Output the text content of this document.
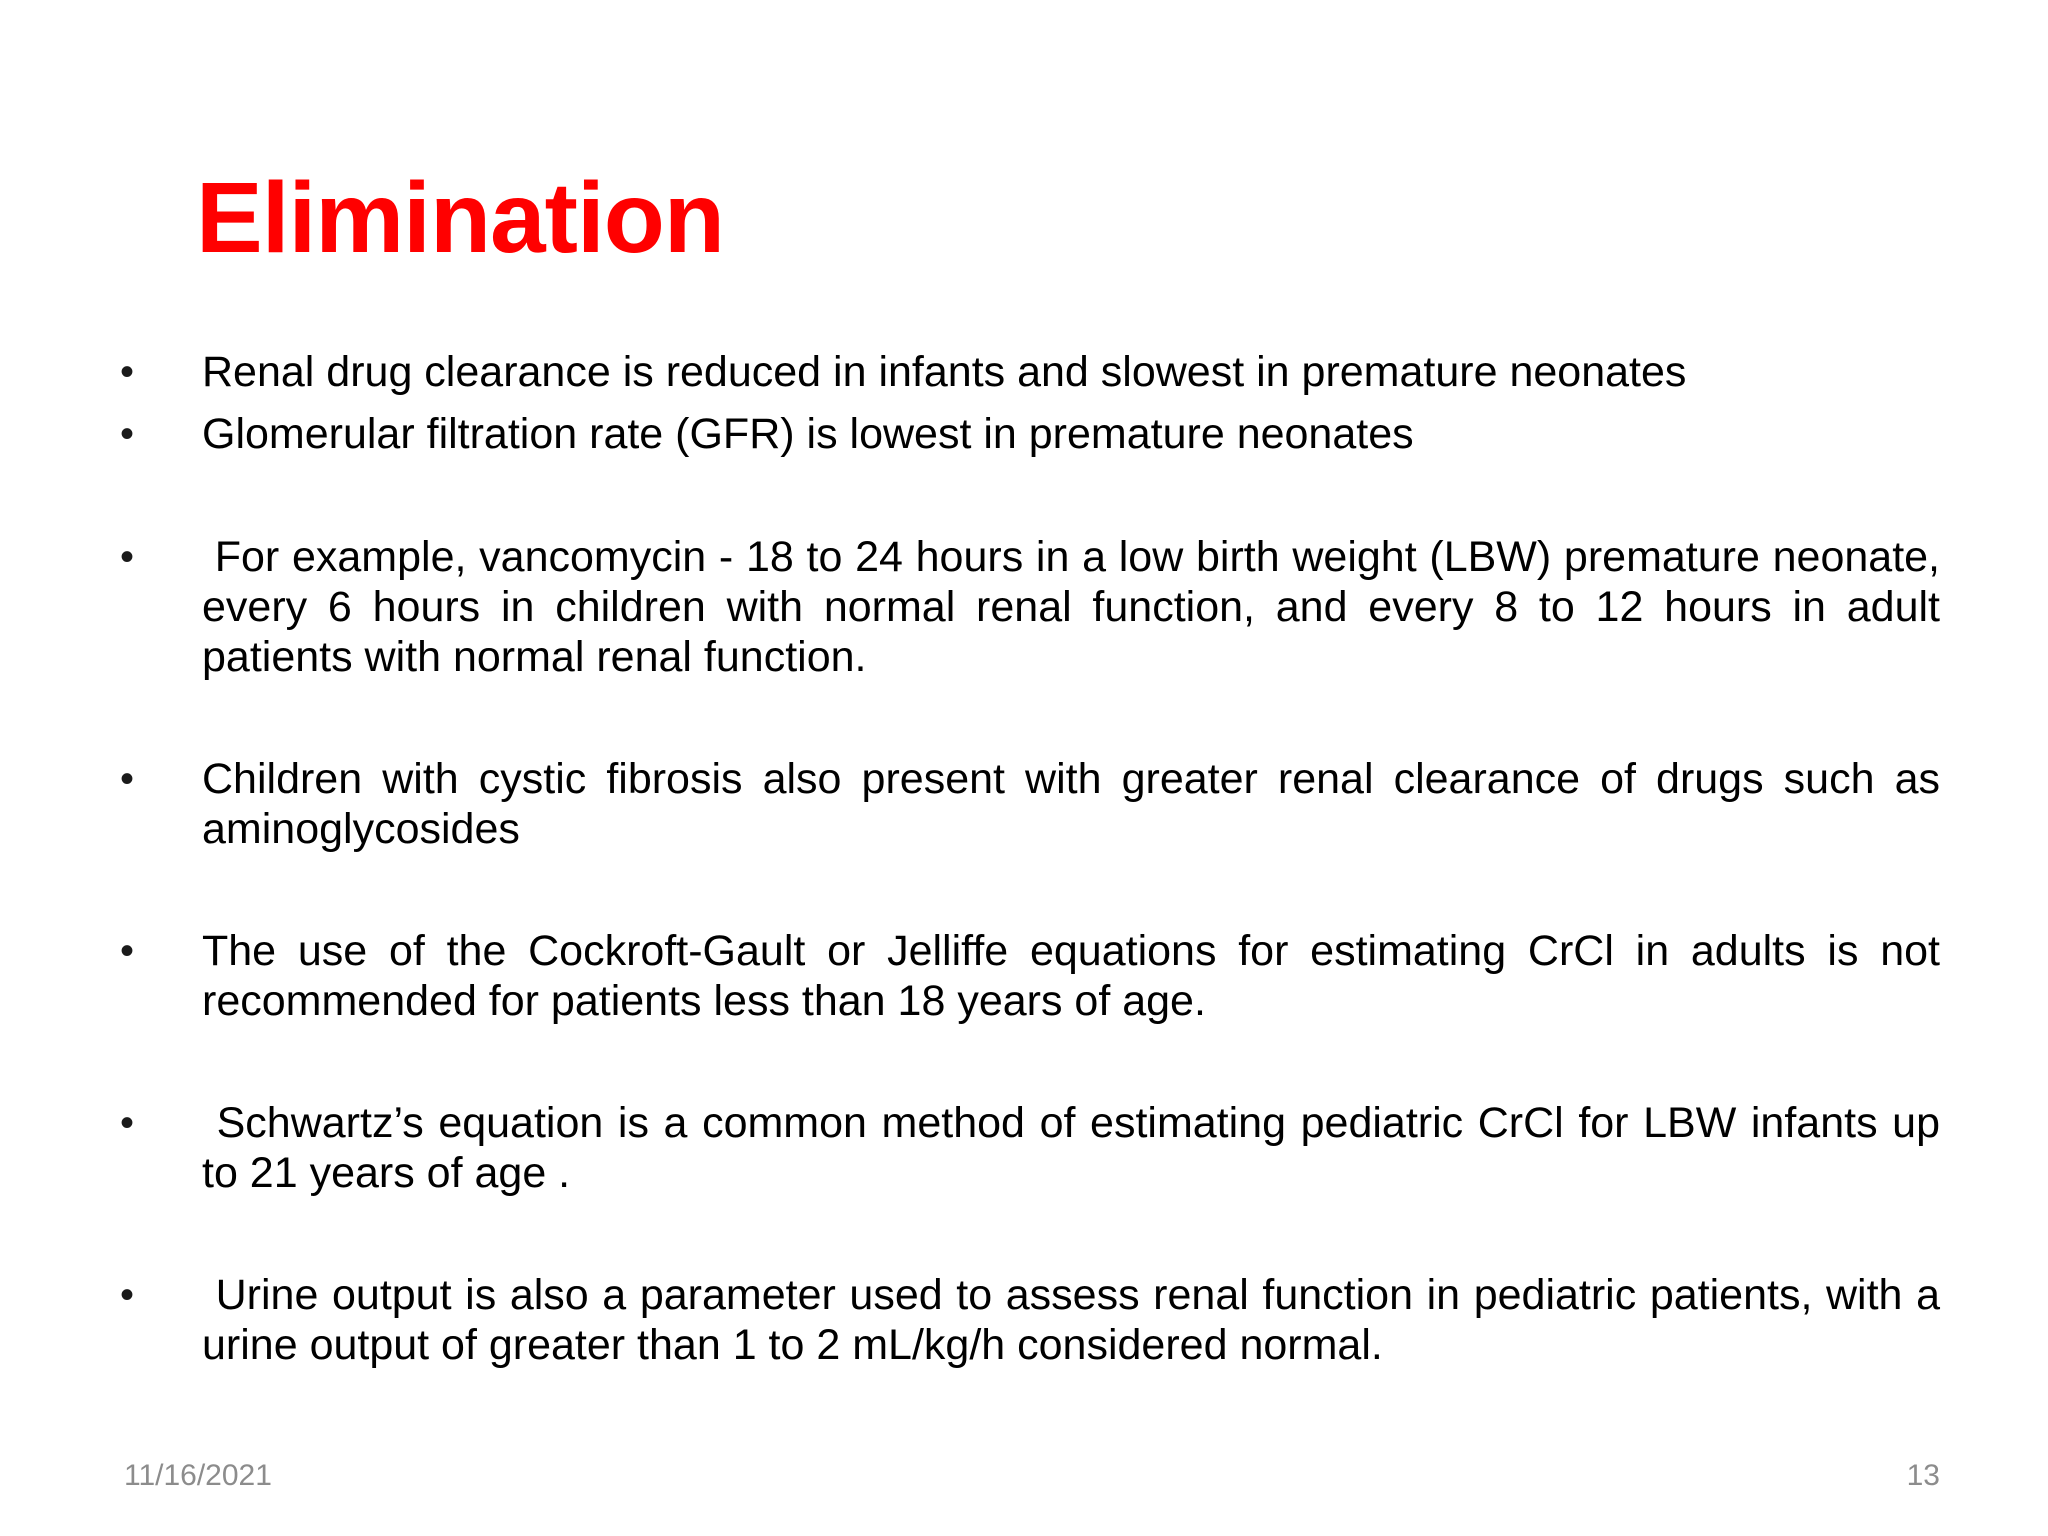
Elimination
•	Renal drug clearance is reduced in infants and slowest in premature neonates
•	Glomerular filtration rate (GFR) is lowest in premature neonates
•	For example, vancomycin - 18 to 24 hours in a low birth weight (LBW) premature neonate, every 6 hours in children with normal renal function, and every 8 to 12 hours in adult patients with normal renal function.
•	Children with cystic fibrosis also present with greater renal clearance of drugs such as aminoglycosides
•	The use of the Cockroft-Gault or Jelliffe equations for estimating CrCl in adults is not recommended for patients less than 18 years of age.
•	Schwartz’s equation is a common method of estimating pediatric CrCl for LBW infants up to 21 years of age .
•	Urine output is also a parameter used to assess renal function in pediatric patients, with a urine output of greater than 1 to 2 mL/kg/h considered normal.
11/16/2021	13
